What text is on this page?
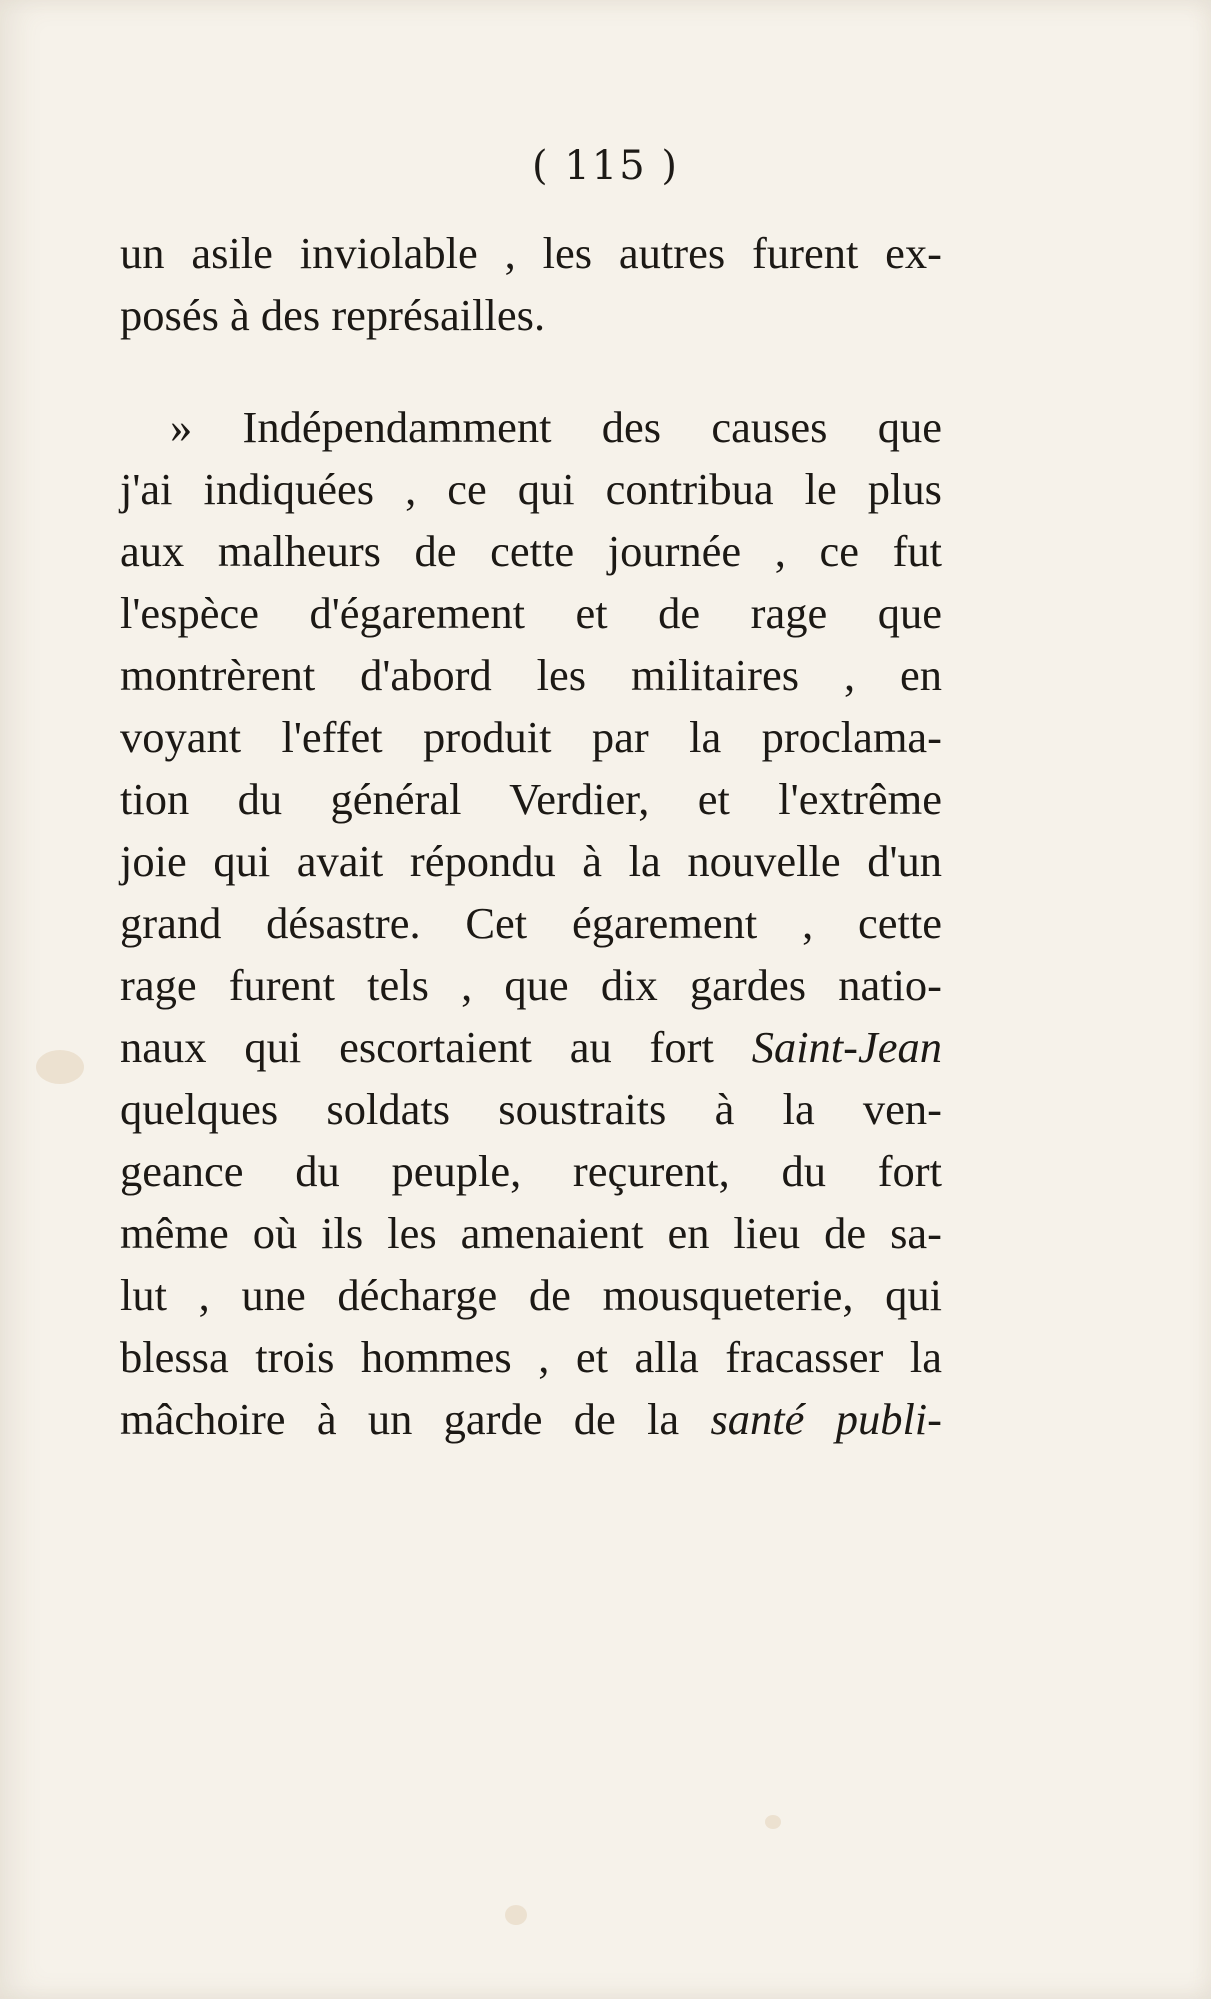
( 115 )
un asile inviolable , les autres furent ex-
posés à des représailles.
» Indépendamment des causes que
j'ai indiquées , ce qui contribua le plus
aux malheurs de cette journée , ce fut
l'espèce d'égarement et de rage que
montrèrent d'abord les militaires , en
voyant l'effet produit par la proclama-
tion du général Verdier, et l'extrême
joie qui avait répondu à la nouvelle d'un
grand désastre. Cet égarement , cette
rage furent tels , que dix gardes natio-
naux qui escortaient au fort Saint-Jean
quelques soldats soustraits à la ven-
geance du peuple, reçurent, du fort
même où ils les amenaient en lieu de sa-
lut , une décharge de mousqueterie, qui
blessa trois hommes , et alla fracasser la
mâchoire à un garde de la santé publi-
